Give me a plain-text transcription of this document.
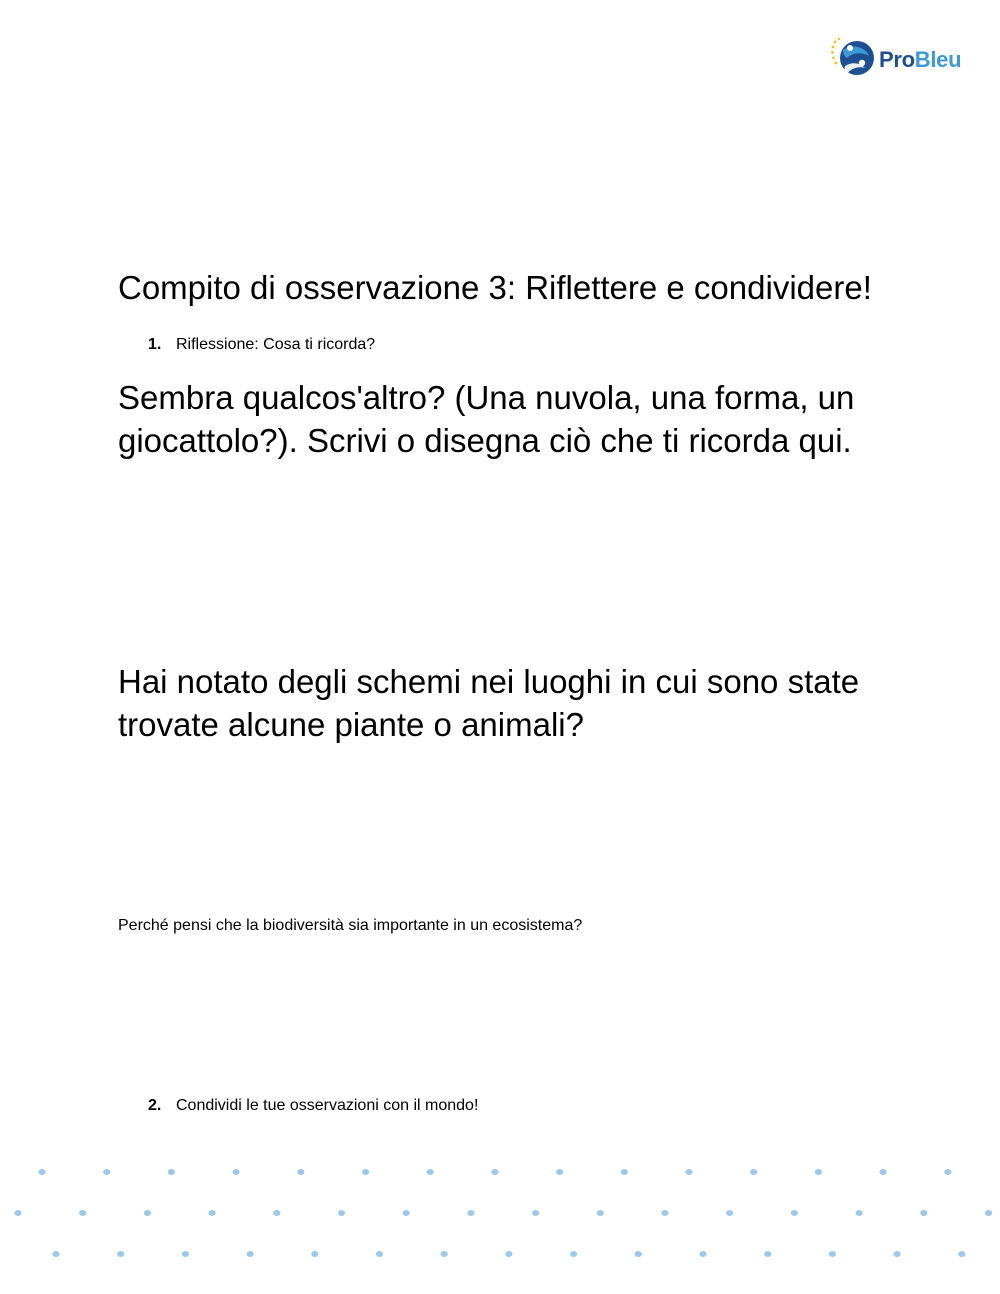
ProBleu
Compito di osservazione 3: Riflettere e condividere!
1. Riflessione: Cosa ti ricorda?

Sembra qualcos'altro? (Una nuvola, una forma, un giocattolo?). Scrivi o disegna ciò che ti ricorda qui.

Hai notato degli schemi nei luoghi in cui sono state trovate alcune piante o animali?

Perché pensi che la biodiversità sia importante in un ecosistema?
2. Condividi le tue osservazioni con il mondo!
